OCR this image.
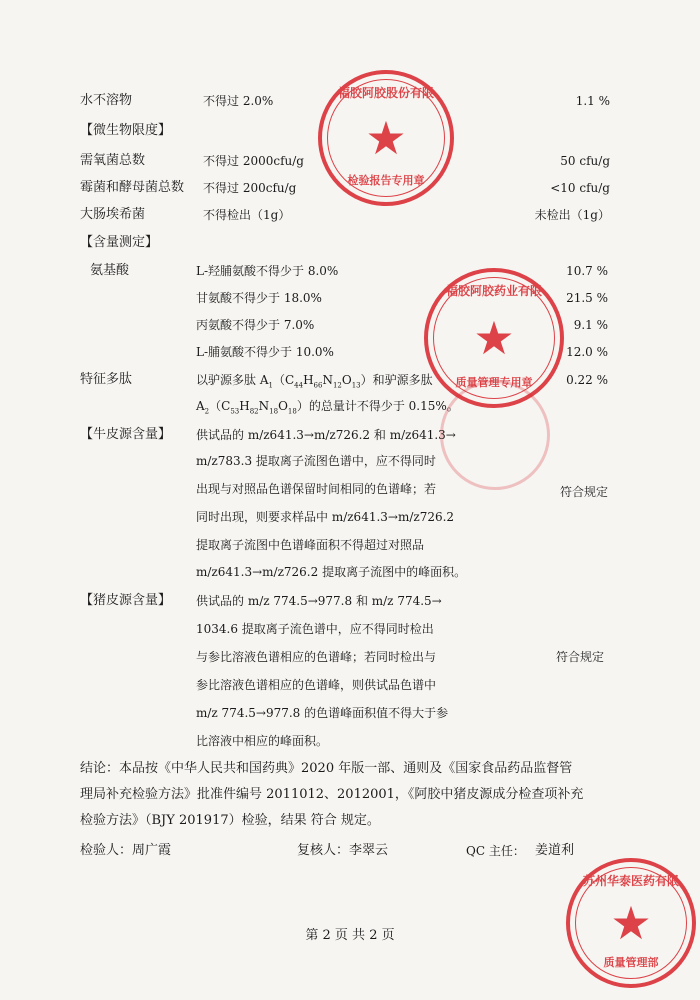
★
福胶阿胶股份有限
检验报告专用章
★
福胶阿胶药业有限
质量管理专用章
★
苏州华泰医药有限
质量管理部
水不溶物	不得过 2.0%	1.1 %
【微生物限度】
需氧菌总数	不得过 2000cfu/g	50 cfu/g
霉菌和酵母菌总数 不得过 200cfu/g	<10 cfu/g
大肠埃希菌	不得检出（1g）	未检出（1g）
【含量测定】
氨基酸	L-羟脯氨酸不得少于 8.0%	10.7 %
甘氨酸不得少于 18.0%	21.5 %
丙氨酸不得少于 7.0%	9.1 %
L-脯氨酸不得少于 10.0%	12.0 %
特征多肽	以驴源多肽 $A_1(C_{44}H_{66}N_{12}O_{13})$和驴源多肽	0.22 %
$A_2(C_{53}H_{82}N_{18}O_{18})$的总量计不得少于 0.15%。
【牛皮源含量】 供试品的 m/z641.3→m/z726.2 和 m/z641.3→
m/z783.3 提取离子流图色谱中，应不得同时
出现与对照品色谱保留时间相同的色谱峰；若	符合规定
同时出现，则要求样品中 m/z641.3→m/z726.2
提取离子流图中色谱峰面积不得超过对照品
m/z641.3→m/z726.2 提取离子流图中的峰面积。
【猪皮源含量】 供试品的 m/z 774.5→977.8 和 m/z 774.5→
1034.6 提取离子流色谱中，应不得同时检出
与参比溶液色谱相应的色谱峰；若同时检出与	符合规定
参比溶液色谱相应的色谱峰，则供试品色谱中
m/z 774.5→977.8 的色谱峰面积值不得大于参
比溶液中相应的峰面积。
结论：本品按《中华人民共和国药典》2020 年版一部、通则及《国家食品药品监督管
理局补充检验方法》批准件编号 2011012、2012001，《阿胶中猪皮源成分检查项补充
检验方法》（BJY 201917）检验，结果 符合 规定。
检验人：周广霞	复核人：李翠云	QC 主任： 姜道利
第 2 页 共 2 页
